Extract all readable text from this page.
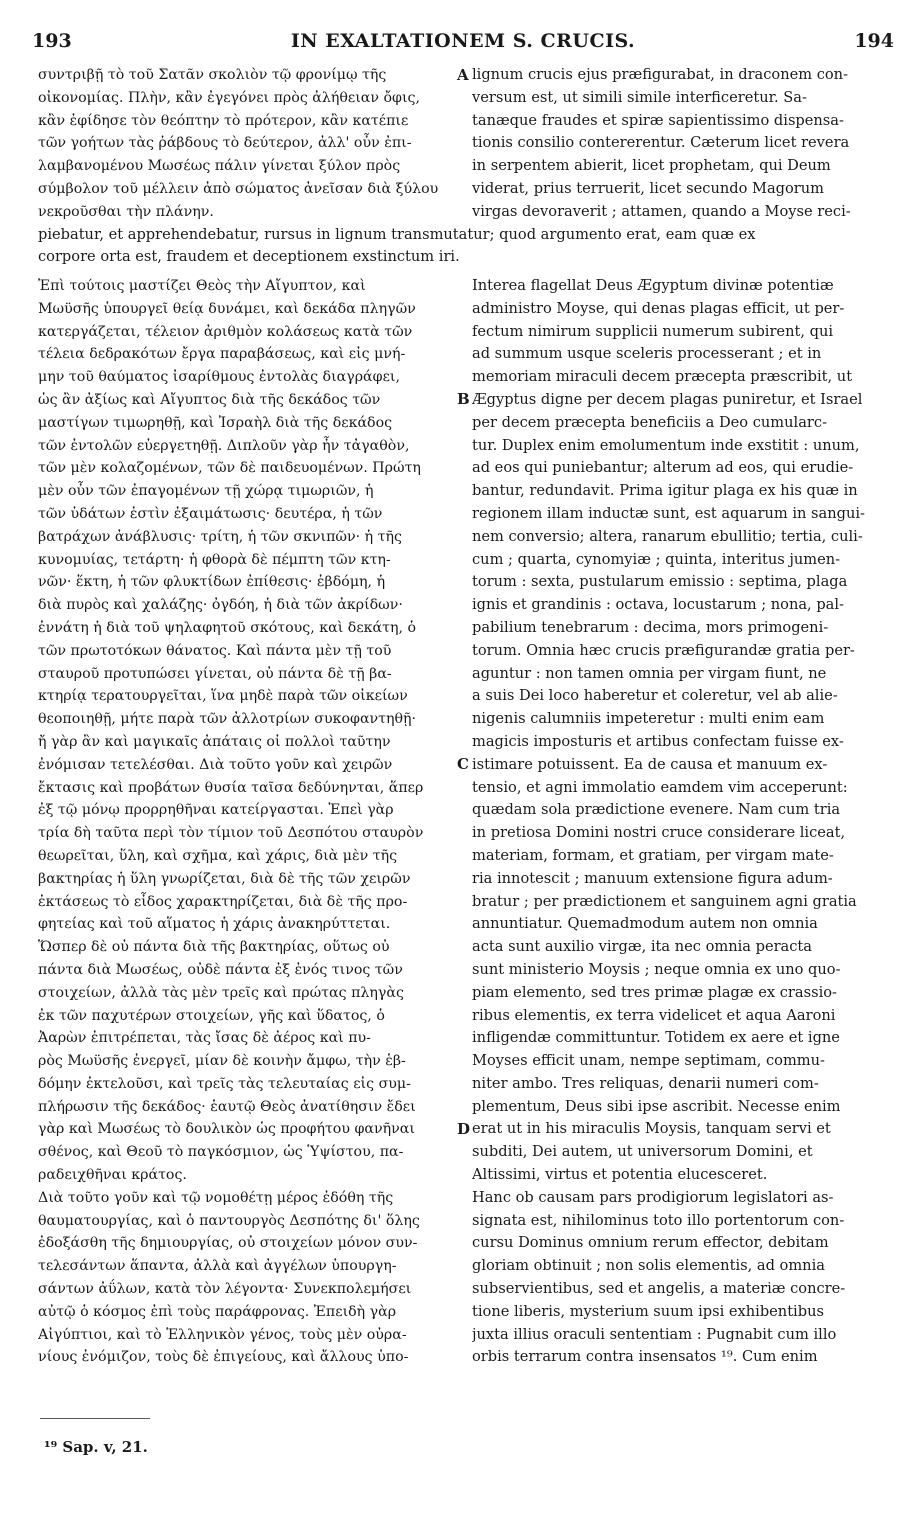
193	IN EXALTATIONEM S. CRUCIS.	194
συντριβῇ τὸ τοῦ Σατᾶν σκολιὸν τῷ φρονίμῳ τῆς
οἰκονομίας. Πλὴν, κἂν ἐγεγόνει πρὸς ἀλήθειαν ὄφις,
κἂν ἐφίδησε τὸν θεόπτην τὸ πρότερον, κἂν κατέπιε
τῶν γοήτων τὰς ῥάβδους τὸ δεύτερον, ἀλλ' οὖν ἐπι-
λαμβανομένου Μωσέως πάλιν γίνεται ξύλον πρὸς
σύμβολον τοῦ μέλλειν ἀπὸ σώματος ἀνεῖσαν διὰ ξύλου
νεκροῦσθαι τὴν πλάνην.
lignum crucis ejus præfigurabat, in draconem con-
versum est, ut simili simile interficeretur. Sa-
tanæque fraudes et spiræ sapientissimo dispensa-
tionis consilio contererentur. Cæterum licet revera
in serpentem abierit, licet prophetam, qui Deum
viderat, prius terruerit, licet secundo Magorum
virgas devoraverit ; attamen, quando a Moyse reci-
piebatur, et apprehendebatur, rursus in lignum transmutatur; quod argumento erat, eam quæ ex
corpore orta est, fraudem et deceptionem exstinctum iri.
Ἐπὶ τούτοις μαστίζει Θεὸς τὴν Αἴγυπτον, καὶ
Μωϋσῆς ὑπουργεῖ θείᾳ δυνάμει, καὶ δεκάδα πληγῶν
κατεργάζεται, τέλειον ἀριθμὸν κολάσεως κατὰ τῶν
τέλεια δεδρακότων ἔργα παραβάσεως, καὶ εἰς μνή-
μην τοῦ θαύματος ἰσαρίθμους ἐντολὰς διαγράφει,
ὡς ἂν ἀξίως καὶ Αἴγυπτος διὰ τῆς δεκάδος τῶν
μαστίγων τιμωρηθῇ, καὶ Ἰσραὴλ διὰ τῆς δεκάδος
τῶν ἐντολῶν εὐεργετηθῇ. Διπλοῦν γὰρ ἦν τἀγαθὸν,
τῶν μὲν κολαζομένων, τῶν δὲ παιδευομένων. Πρώτη
μὲν οὖν τῶν ἐπαγομένων τῇ χώρᾳ τιμωριῶν, ἡ
τῶν ὑδάτων ἐστὶν ἐξαιμάτωσις· δευτέρα, ἡ τῶν
βατράχων ἀνάβλυσις· τρίτη, ἡ τῶν σκνιπῶν· ἡ τῆς
κυνομυίας, τετάρτη· ἡ φθορὰ δὲ πέμπτη τῶν κτη-
νῶν· ἕκτη, ἡ τῶν φλυκτίδων ἐπίθεσις· ἑβδόμη, ἡ
διὰ πυρὸς καὶ χαλάζης· ὀγδόη, ἡ διὰ τῶν ἀκρίδων·
ἐννάτη ἡ διὰ τοῦ ψηλαφητοῦ σκότους, καὶ δεκάτη, ὁ
τῶν πρωτοτόκων θάνατος. Καὶ πάντα μὲν τῇ τοῦ
σταυροῦ προτυπώσει γίνεται, οὐ πάντα δὲ τῇ βα-
κτηρίᾳ τερατουργεῖται, ἵνα μηδὲ παρὰ τῶν οἰκείων
θεοποιηθῇ, μήτε παρὰ τῶν ἀλλοτρίων συκοφαντηθῇ·
ἤ γὰρ ἂν καὶ μαγικαῖς ἀπάταις οἱ πολλοὶ ταῦτην
ἐνόμισαν τετελέσθαι. Διὰ τοῦτο γοῦν καὶ χειρῶν
ἔκτασις καὶ προβάτων θυσία ταῖσα δεδύνηνται, ἅπερ
ἐξ τῷ μόνῳ προρρηθῆναι κατείργασται. Ἐπεὶ γὰρ
τρία δὴ ταῦτα περὶ τὸν τίμιον τοῦ Δεσπότου σταυρὸν
θεωρεῖται, ὕλη, καὶ σχῆμα, καὶ χάρις, διὰ μὲν τῆς
βακτηρίας ἡ ὕλη γνωρίζεται, διὰ δὲ τῆς τῶν χειρῶν
ἐκτάσεως τὸ εἶδος χαρακτηρίζεται, διὰ δὲ τῆς προ-
φητείας καὶ τοῦ αἵματος ἡ χάρις ἀνακηρύττεται.
Ὥσπερ δὲ οὐ πάντα διὰ τῆς βακτηρίας, οὕτως οὐ
πάντα διὰ Μωσέως, οὐδὲ πάντα ἐξ ἑνός τινος τῶν
στοιχείων, ἀλλὰ τὰς μὲν τρεῖς καὶ πρώτας πληγὰς
ἐκ τῶν παχυτέρων στοιχείων, γῆς καὶ ὕδατος, ὁ
Ἀαρὼν ἐπιτρέπεται, τὰς ἴσας δὲ ἀέρος καὶ πυ-
ρὸς Μωϋσῆς ἐνεργεῖ, μίαν δὲ κοινὴν ἄμφω, τὴν ἑβ-
δόμην ἐκτελοῦσι, καὶ τρεῖς τὰς τελευταίας εἰς συμ-
πλήρωσιν τῆς δεκάδος· ἑαυτῷ Θεὸς ἀνατίθησιν ἔδει
γὰρ καὶ Μωσέως τὸ δουλικὸν ὡς προφήτου φανῆναι
σθένος, καὶ Θεοῦ τὸ παγκόσμιον, ὡς Ὑψίστου, πα-
ραδειχθῆναι κράτος.
Διὰ τοῦτο γοῦν καὶ τῷ νομοθέτῃ μέρος ἐδόθη τῆς
θαυματουργίας, καὶ ὁ παντουργὸς Δεσπότης δι' ὅλης
ἐδοξάσθη τῆς δημιουργίας, οὐ στοιχείων μόνον συν-
τελεσάντων ἅπαντα, ἀλλὰ καὶ ἀγγέλων ὑπουργη-
σάντων ἀΰλων, κατὰ τὸν λέγοντα· Συνεκπολεμήσει
αὐτῷ ὁ κόσμος ἐπὶ τοὺς παράφρονας. Ἐπειδὴ γὰρ
Αἰγύπτιοι, καὶ τὸ Ἑλληνικὸν γένος, τοὺς μὲν οὐρα-
νίους ἐνόμιζον, τοὺς δὲ ἐπιγείους, καὶ ἄλλους ὑπο-
Interea flagellat Deus Ægyptum divinæ potentiæ
administro Moyse, qui denas plagas efficit, ut per-
fectum nimirum supplicii numerum subirent, qui
ad summum usque sceleris processerant ; et in
memoriam miraculi decem præcepta præscribit, ut
Ægyptus digne per decem plagas puniretur, et Israel
per decem præcepta beneficiis a Deo cumularc-
tur. Duplex enim emolumentum inde exstitit : unum,
ad eos qui puniebantur; alterum ad eos, qui erudie-
bantur, redundavit. Prima igitur plaga ex his quæ in
regionem illam inductæ sunt, est aquarum in sangui-
nem conversio; altera, ranarum ebullitio; tertia, culi-
cum ; quarta, cynomyiæ ; quinta, interitus jumen-
torum : sexta, pustularum emissio : septima, plaga
ignis et grandinis : octava, locustarum ; nona, pal-
pabilium tenebrarum : decima, mors primogeni-
torum. Omnia hæc crucis præfigurandæ gratia per-
aguntur : non tamen omnia per virgam fiunt, ne
a suis Dei loco haberetur et coleretur, vel ab alie-
nigenis calumniis impeteretur : multi enim eam
magicis imposturis et artibus confectam fuisse ex-
istimare potuissent. Ea de causa et manuum ex-
tensio, et agni immolatio eamdem vim acceperunt:
quædam sola prædictione evenere. Nam cum tria
in pretiosa Domini nostri cruce considerare liceat,
materiam, formam, et gratiam, per virgam mate-
ria innotescit ; manuum extensione figura adum-
bratur ; per prædictionem et sanguinem agni gratia
annuntiatur. Quemadmodum autem non omnia
acta sunt auxilio virgæ, ita nec omnia peracta
sunt ministerio Moysis ; neque omnia ex uno quo-
piam elemento, sed tres primæ plagæ ex crassio-
ribus elementis, ex terra videlicet et aqua Aaroni
infligendæ committuntur. Totidem ex aere et igne
Moyses efficit unam, nempe septimam, commu-
niter ambo. Tres reliquas, denarii numeri com-
plementum, Deus sibi ipse ascribit. Necesse enim
erat ut in his miraculis Moysis, tanquam servi et
subditi, Dei autem, ut universorum Domini, et
Altissimi, virtus et potentia elucesceret.
Hanc ob causam pars prodigiorum legislatori as-
signata est, nihilominus toto illo portentorum con-
cursu Dominus omnium rerum effector, debitam
gloriam obtinuit ; non solis elementis, ad omnia
subservientibus, sed et angelis, a materiæ concre-
tione liberis, mysterium suum ipsi exhibentibus
juxta illius oraculi sententiam : Pugnabit cum illo
orbis terrarum contra insensatos ¹⁹. Cum enim
A
B
C
D
¹⁹ Sap. v, 21.
